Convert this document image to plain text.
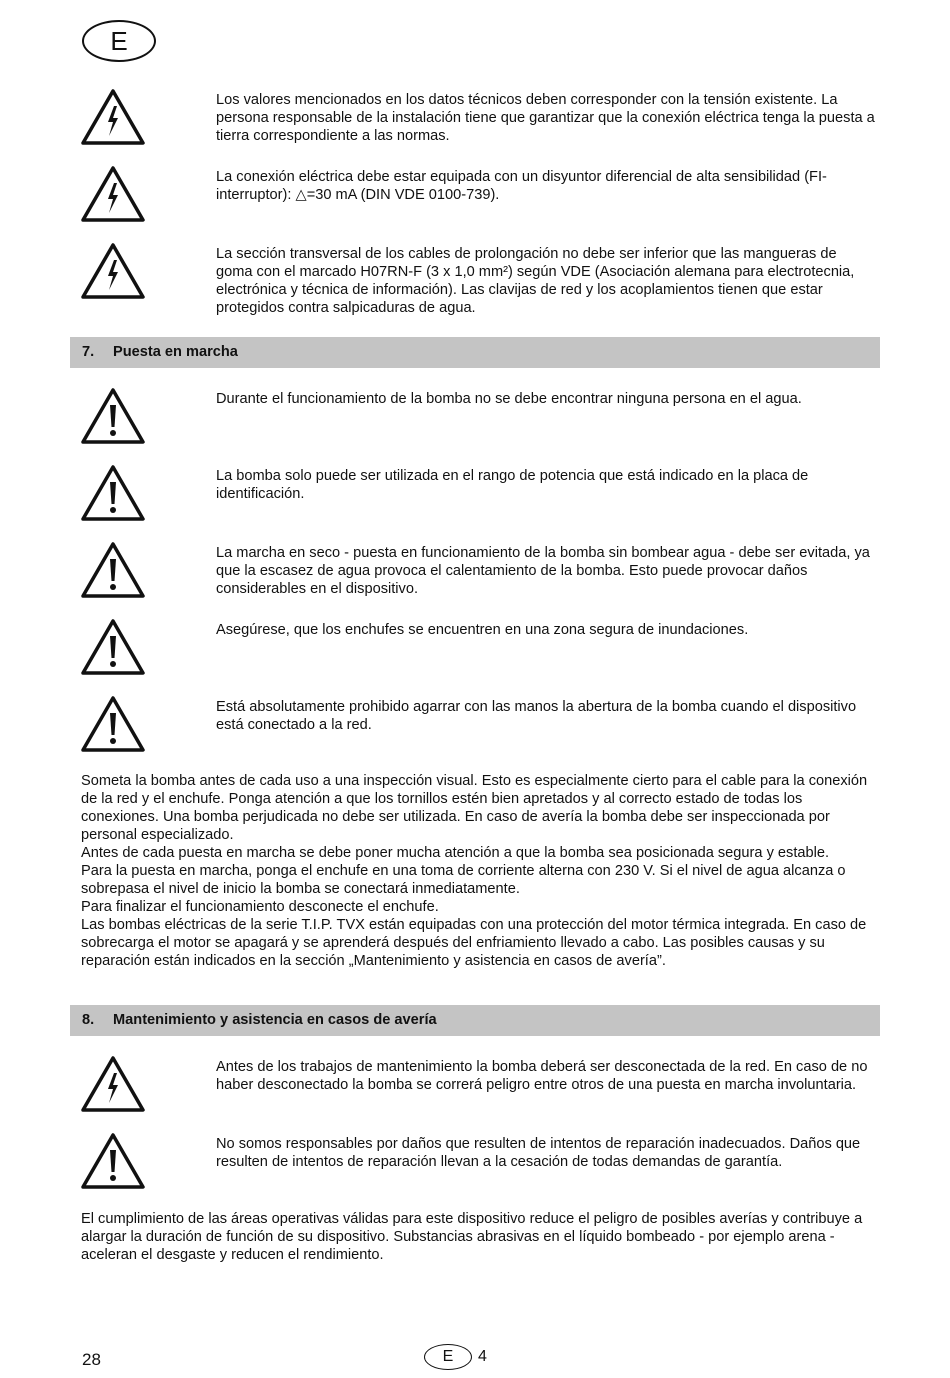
E

Los valores mencionados en los datos técnicos deben corresponder con la tensión existente. La persona responsable de la instalación tiene que garantizar que la conexión eléctrica tenga la puesta a tierra correspondiente a las normas.

La conexión eléctrica debe estar equipada con un disyuntor diferencial de alta sensibilidad (FI-interruptor): △=30 mA (DIN VDE 0100-739).

La sección transversal de los cables de prolongación no debe ser inferior que las mangueras de goma con el marcado H07RN-F (3 x 1,0 mm²) según VDE (Asociación alemana para electrotecnia, electrónica y técnica de información). Las clavijas de red y los acoplamientos tienen que estar protegidos contra salpicaduras de agua.

7. Puesta en marcha

Durante el funcionamiento de la bomba no se debe encontrar ninguna persona en el agua.

La bomba solo puede ser utilizada en el rango de potencia que está indicado en la placa de identificación.

La marcha en seco - puesta en funcionamiento de la bomba sin bombear agua - debe ser evitada, ya que la escasez de agua provoca el calentamiento de la bomba. Esto puede provocar daños considerables en el dispositivo.

Asegúrese, que los enchufes se encuentren en una zona segura de inundaciones.

Está absolutamente prohibido agarrar con las manos la abertura de la bomba cuando el dispositivo está conectado a la red.

Someta la bomba antes de cada uso a una inspección visual. Esto es especialmente cierto para el cable para la conexión de la red y el enchufe. Ponga atención a que los tornillos estén bien apretados y al correcto estado de todas los conexiones. Una bomba perjudicada no debe ser utilizada. En caso de avería la bomba debe ser inspeccionada por personal especializado.
Antes de cada puesta en marcha se debe poner mucha atención a que la bomba sea posicionada segura y estable.
Para la puesta en marcha, ponga el enchufe en una toma de corriente alterna con 230 V. Si el nivel de agua alcanza o sobrepasa el nivel de inicio la bomba se conectará inmediatamente.
Para finalizar el funcionamiento desconecte el enchufe.
Las bombas eléctricas de la serie T.I.P. TVX están equipadas con una protección del motor térmica integrada. En caso de sobrecarga el motor se apagará y se aprenderá después del enfriamiento llevado a cabo. Las posibles causas y su reparación están indicados en la sección „Mantenimiento y asistencia en casos de avería”.
8. Mantenimiento y asistencia en casos de avería

Antes de los trabajos de mantenimiento la bomba deberá ser desconectada de la red. En caso de no haber desconectado la bomba se correrá peligro entre otros de una puesta en marcha involuntaria.

No somos responsables por daños que resulten de intentos de reparación inadecuados. Daños que resulten de intentos de reparación llevan a la cesación de todas demandas de garantía.

El cumplimiento de las áreas operativas válidas para este dispositivo reduce el peligro de posibles averías y contribuye a alargar la duración de función de su dispositivo. Substancias abrasivas en el líquido bombeado - por ejemplo arena - aceleran el desgaste y reducen el rendimiento.

28	E	4
